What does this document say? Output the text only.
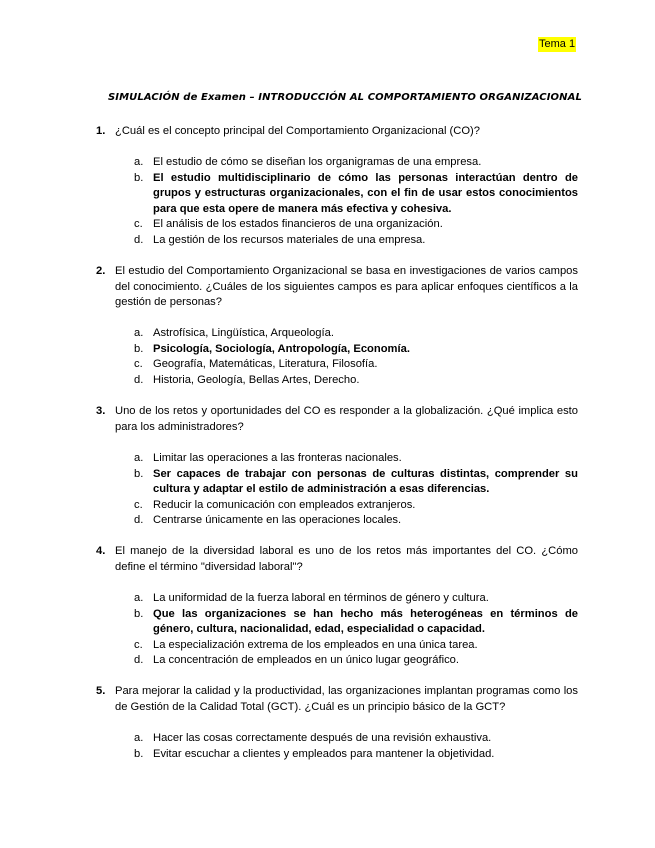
Tema 1
SIMULACIÓN de Examen – INTRODUCCIÓN AL COMPORTAMIENTO ORGANIZACIONAL
1. ¿Cuál es el concepto principal del Comportamiento Organizacional (CO)?
a. El estudio de cómo se diseñan los organigramas de una empresa.
b. El estudio multidisciplinario de cómo las personas interactúan dentro de grupos y estructuras organizacionales, con el fin de usar estos conocimientos para que esta opere de manera más efectiva y cohesiva.
c. El análisis de los estados financieros de una organización.
d. La gestión de los recursos materiales de una empresa.
2. El estudio del Comportamiento Organizacional se basa en investigaciones de varios campos del conocimiento. ¿Cuáles de los siguientes campos es para aplicar enfoques científicos a la gestión de personas?
a. Astrofísica, Lingüística, Arqueología.
b. Psicología, Sociología, Antropología, Economía.
c. Geografía, Matemáticas, Literatura, Filosofía.
d. Historia, Geología, Bellas Artes, Derecho.
3. Uno de los retos y oportunidades del CO es responder a la globalización. ¿Qué implica esto para los administradores?
a. Limitar las operaciones a las fronteras nacionales.
b. Ser capaces de trabajar con personas de culturas distintas, comprender su cultura y adaptar el estilo de administración a esas diferencias.
c. Reducir la comunicación con empleados extranjeros.
d. Centrarse únicamente en las operaciones locales.
4. El manejo de la diversidad laboral es uno de los retos más importantes del CO. ¿Cómo define el término "diversidad laboral"?
a. La uniformidad de la fuerza laboral en términos de género y cultura.
b. Que las organizaciones se han hecho más heterogéneas en términos de género, cultura, nacionalidad, edad, especialidad o capacidad.
c. La especialización extrema de los empleados en una única tarea.
d. La concentración de empleados en un único lugar geográfico.
5. Para mejorar la calidad y la productividad, las organizaciones implantan programas como los de Gestión de la Calidad Total (GCT). ¿Cuál es un principio básico de la GCT?
a. Hacer las cosas correctamente después de una revisión exhaustiva.
b. Evitar escuchar a clientes y empleados para mantener la objetividad.
